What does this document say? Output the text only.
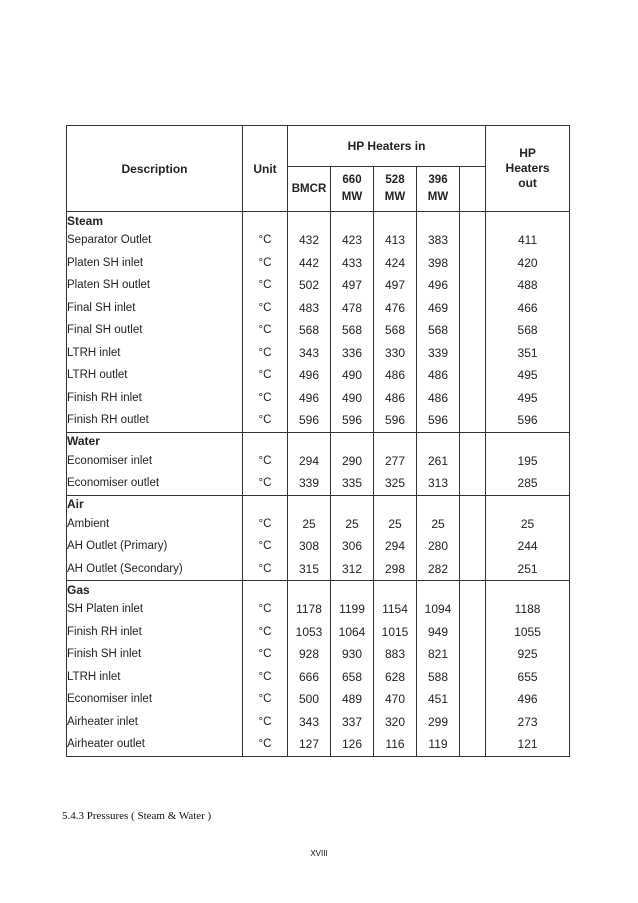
Description	Unit	HP Heaters in					HP
Heaters
out

		BMCR	660 MW	528 MW	396 MW		
Steam							
Separator Outlet	°C	432	423	413	383		411
Platen SH inlet	°C	442	433	424	398		420
Platen SH outlet	°C	502	497	497	496		488
Final SH inlet	°C	483	478	476	469		466
Final SH outlet	°C	568	568	568	568		568
LTRH inlet	°C	343	336	330	339		351
LTRH outlet	°C	496	490	486	486		495
Finish RH inlet	°C	496	490	486	486		495
Finish RH outlet	°C	596	596	596	596		596
Water							
Economiser inlet	°C	294	290	277	261		195
Economiser outlet	°C	339	335	325	313		285
Air							
Ambient	°C	25	25	25	25		25
AH Outlet (Primary)	°C	308	306	294	280		244
AH Outlet (Secondary)	°C	315	312	298	282		251
Gas							
SH Platen inlet	°C	1178	1199	1154	1094		1188
Finish RH inlet	°C	1053	1064	1015	949		1055
Finish SH inlet	°C	928	930	883	821		925
LTRH inlet	°C	666	658	628	588		655
Economiser inlet	°C	500	489	470	451		496
Airheater inlet	°C	343	337	320	299		273
Airheater outlet	°C	127	126	116	119		121
5.4.3 Pressures ( Steam & Water )
XVIII
